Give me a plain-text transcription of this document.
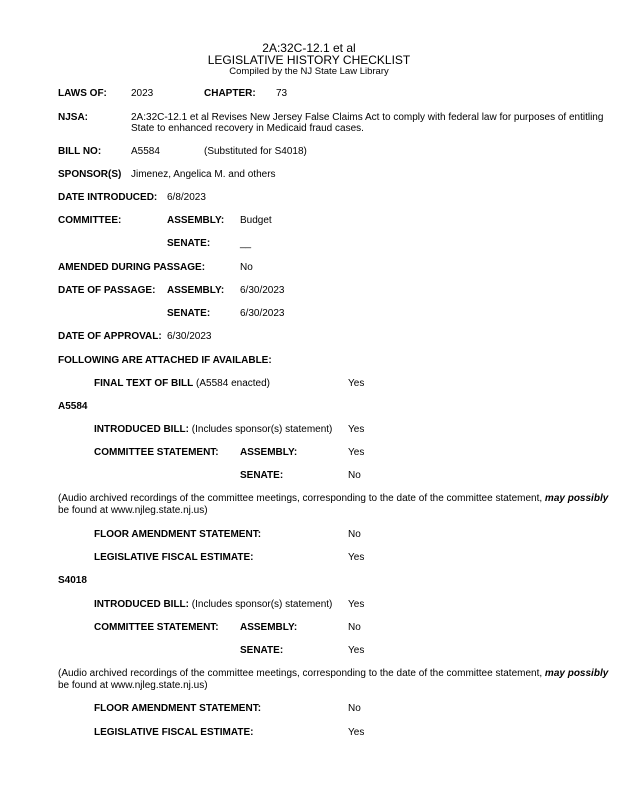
2A:32C-12.1 et al
LEGISLATIVE HISTORY CHECKLIST
Compiled by the NJ State Law Library
LAWS OF: 2023	CHAPTER: 73
NJSA:	2A:32C-12.1 et al Revises New Jersey False Claims Act to comply with federal law for purposes of entitling
State to enhanced recovery in Medicaid fraud cases.
BILL NO:	A5584	(Substituted for S4018)
SPONSOR(S) Jimenez, Angelica M. and others
DATE INTRODUCED: 6/8/2023
COMMITTEE:	ASSEMBLY: Budget
SENATE:	__
AMENDED DURING PASSAGE:	No
DATE OF PASSAGE: ASSEMBLY: 6/30/2023
SENATE:	6/30/2023
DATE OF APPROVAL: 6/30/2023
FOLLOWING ARE ATTACHED IF AVAILABLE:
FINAL TEXT OF BILL (A5584 enacted)	Yes
A5584
INTRODUCED BILL: (Includes sponsor(s) statement) Yes
COMMITTEE STATEMENT: ASSEMBLY:	Yes
SENATE:	No
(Audio archived recordings of the committee meetings, corresponding to the date of the committee statement, may possibly
be found at www.njleg.state.nj.us)
FLOOR AMENDMENT STATEMENT:	No
LEGISLATIVE FISCAL ESTIMATE:	Yes
S4018
INTRODUCED BILL: (Includes sponsor(s) statement) Yes
COMMITTEE STATEMENT: ASSEMBLY:	No
SENATE:	Yes
(Audio archived recordings of the committee meetings, corresponding to the date of the committee statement, may possibly
be found at www.njleg.state.nj.us)
FLOOR AMENDMENT STATEMENT:	No
LEGISLATIVE FISCAL ESTIMATE:	Yes
